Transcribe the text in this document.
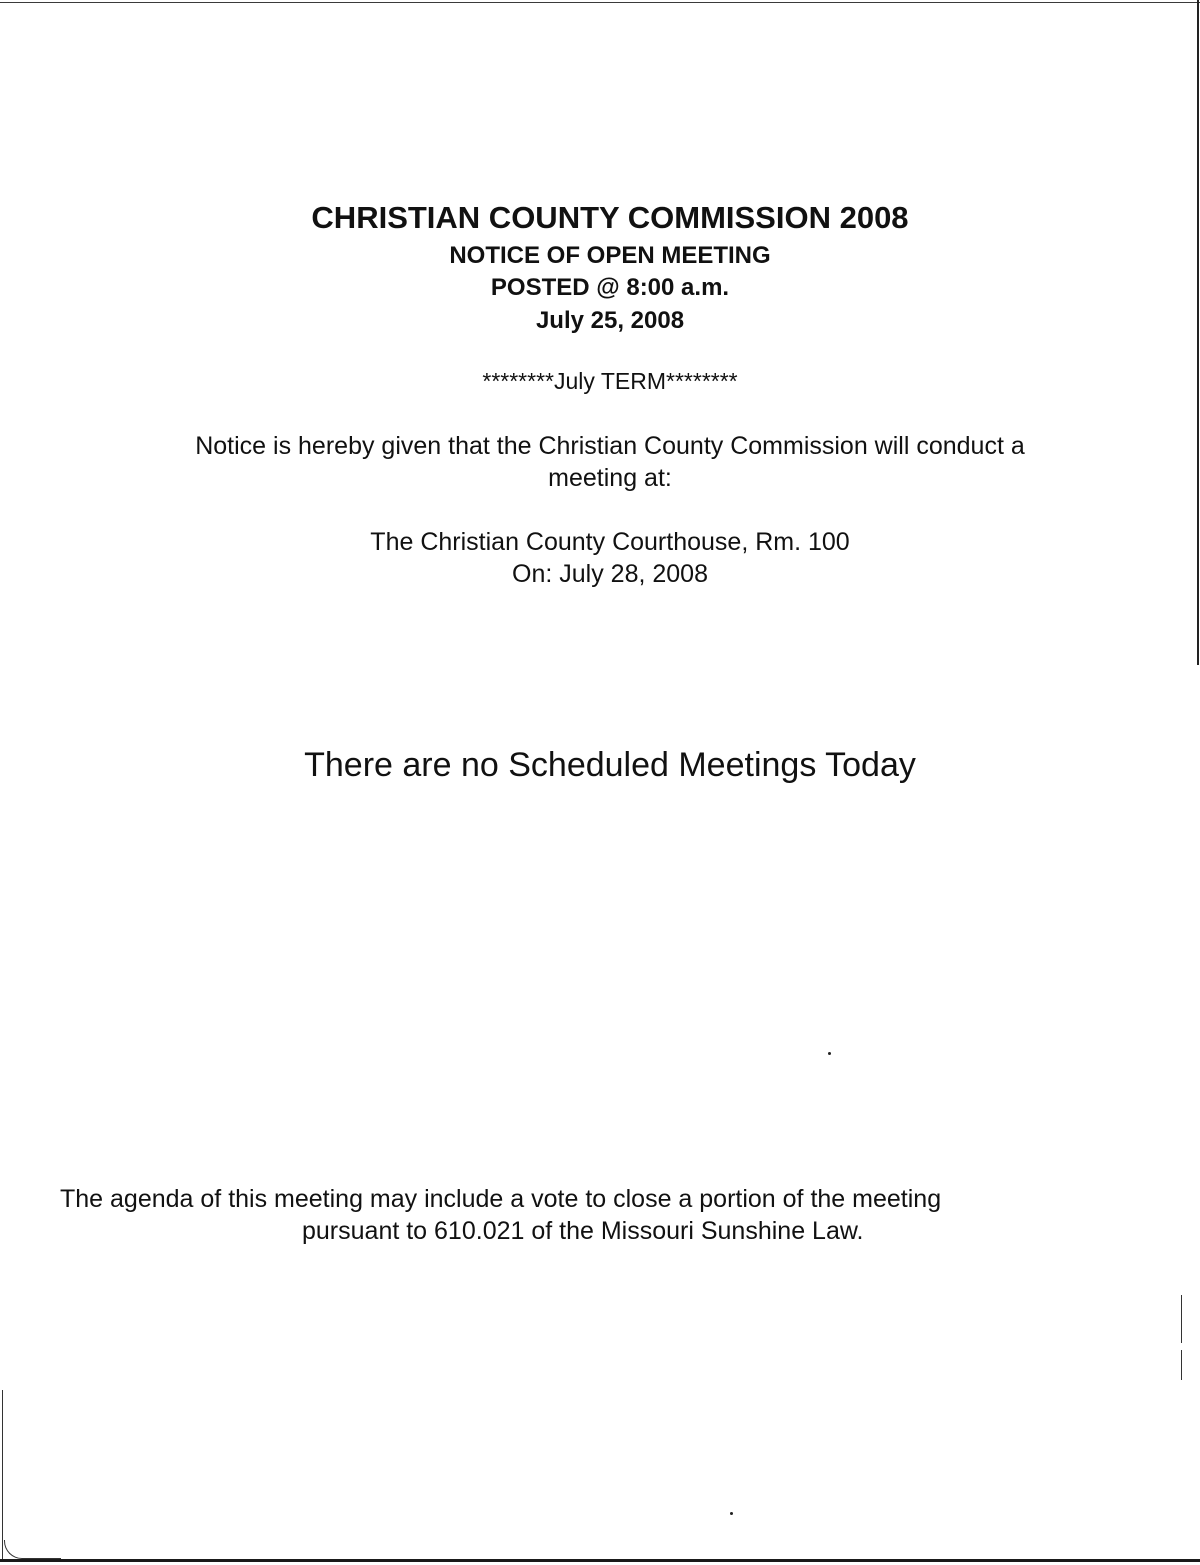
CHRISTIAN COUNTY COMMISSION 2008
NOTICE OF OPEN MEETING
POSTED @ 8:00 a.m.
July 25, 2008
********July TERM********
Notice is hereby given that the Christian County Commission will conduct a
meeting at:
The Christian County Courthouse, Rm. 100
On: July 28, 2008
There are no Scheduled Meetings Today

The agenda of this meeting may include a vote to close a portion of the meeting
pursuant to 610.021 of the Missouri Sunshine Law.
